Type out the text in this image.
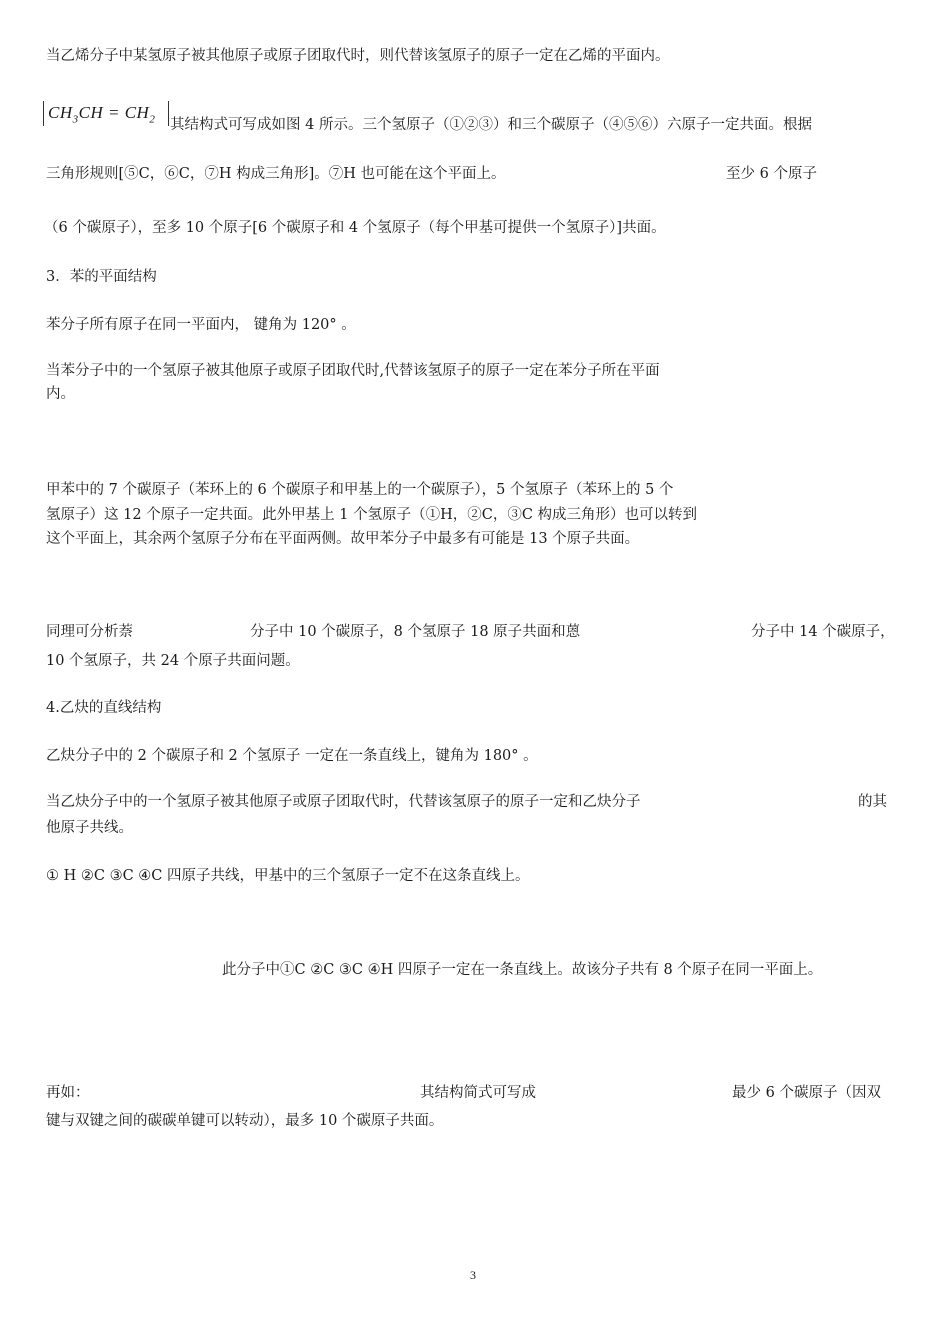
当乙烯分子中某氢原子被其他原子或原子团取代时，则代替该氢原子的原子一定在乙烯的平面内。
$CH_3CH = CH_2$ 其结构式可写成如图 4 所示。三个氢原子（①②③）和三个碳原子（④⑤⑥）六原子一定共面。根据
三角形规则[⑤C，⑥C，⑦H 构成三角形]。⑦H 也可能在这个平面上。	至少 6 个原子
（6 个碳原子），至多 10 个原子[6 个碳原子和 4 个氢原子（每个甲基可提供一个氢原子）]共面。
3．苯的平面结构
苯分子所有原子在同一平面内， 键角为 120° 。
当苯分子中的一个氢原子被其他原子或原子团取代时,代替该氢原子的原子一定在苯分子所在平面
内。
甲苯中的 7 个碳原子（苯环上的 6 个碳原子和甲基上的一个碳原子），5 个氢原子（苯环上的 5 个
氢原子）这 12 个原子一定共面。此外甲基上 1 个氢原子（①H，②C，③C 构成三角形）也可以转到
这个平面上，其余两个氢原子分布在平面两侧。故甲苯分子中最多有可能是 13 个原子共面。
同理可分析萘	分子中 10 个碳原子，8 个氢原子 18 原子共面和蒽	分子中 14 个碳原子，
10 个氢原子，共 24 个原子共面问题。
4.乙炔的直线结构
乙炔分子中的 2 个碳原子和 2 个氢原子 一定在一条直线上，键角为 180° 。
当乙炔分子中的一个氢原子被其他原子或原子团取代时，代替该氢原子的原子一定和乙炔分子	的其
他原子共线。
① H ②C ③C ④C 四原子共线，甲基中的三个氢原子一定不在这条直线上。
此分子中①C ②C ③C ④H 四原子一定在一条直线上。故该分子共有 8 个原子在同一平面上。
再如：	其结构简式可写成	最少 6 个碳原子（因双
键与双键之间的碳碳单键可以转动），最多 10 个碳原子共面。
3
